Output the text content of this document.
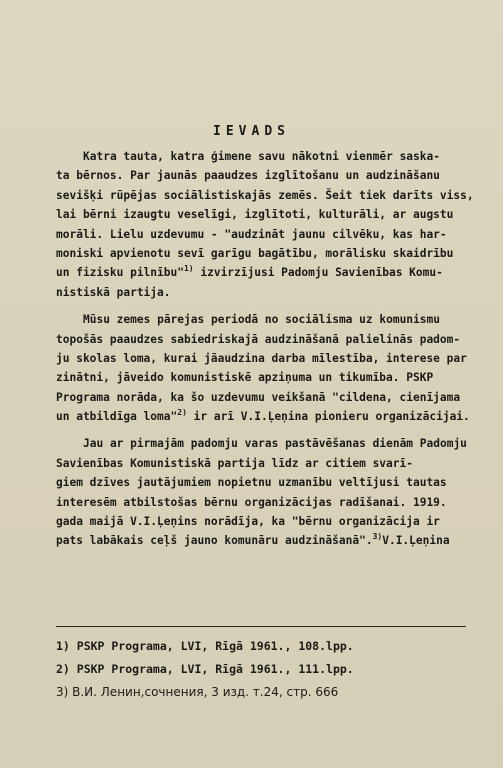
IEVADS
Katra tauta, katra ģimene savu nākotni vienmēr saska-
ta bērnos. Par jaunās paaudzes izglītošanu un audzināšanu
sevišķi rūpējas sociālistiskajās zemēs. Šeit tiek darīts viss,
lai bērni izaugtu veselīgi, izglītoti, kulturāli, ar augstu
morāli. Lielu uzdevumu - "audzināt jaunu cilvēku, kas har-
moniski apvienotu sevī garīgu bagātību, morālisku skaidrību
un fizisku pilnību"$^{1)}$ izvirzījusi Padomju Savienības Komu-
nistiskā partija.
Mūsu zemes pārejas periodā no sociālisma uz komunismu
topošās paaudzes sabiedriskajā audzināšanā palielinās padom-
ju skolas loma, kurai jāaudzina darba mīlestība, interese par
zinātni, jāveido komunistiskē apziņuma un tikumība. PSKP
Programa norāda, ka šo uzdevumu veikšanā "cildena, cienījama
un atbildīga loma"$^{2)}$ ir arī V.I.Ļeņina pionieru organizācijai.
Jau ar pirmajām padomju varas pastāvēšanas dienām Padomju
Savienības Komunistiskā partija līdz ar citiem svarī-
giem dzīves jautājumiem nopietnu uzmanību veltījusi tautas
interesēm atbilstošas bērnu organizācijas radīšanai. 1919.
gada maijā V.I.Ļeņins norādīja, ka "bērnu organizācija ir
pats labākais ceļš jauno komunāru audzināšanā".$^{3)}$V.I.Ļeņina
1) PSKP Programa, LVI, Rīgā 1961., 108.lpp.
2) PSKP Programa, LVI, Rīgā 1961., 111.lpp.
3) В.И. Ленин,сочнения, 3 изд. т.24, стр. 666
